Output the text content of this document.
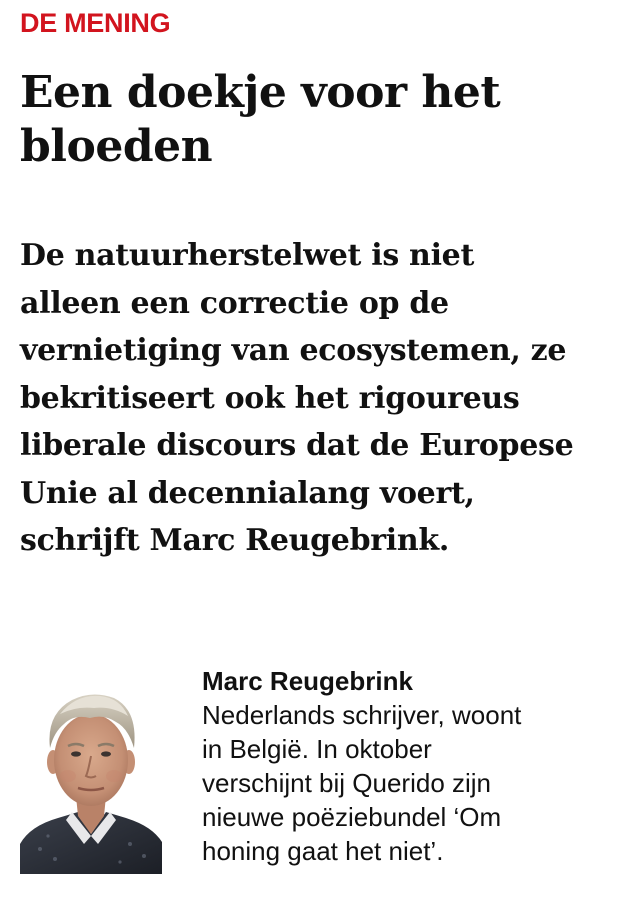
DE MENING
Een doekje voor het bloeden

De natuurherstelwet is niet alleen een correctie op de vernietiging van ecosystemen, ze bekritiseert ook het rigoureus liberale discours dat de Europese Unie al decennialang voert, schrijft Marc Reugebrink.

Marc Reugebrink
Nederlands schrijver, woont in België. In oktober verschijnt bij Querido zijn nieuwe poëziebundel ‘Om honing gaat het niet’.
